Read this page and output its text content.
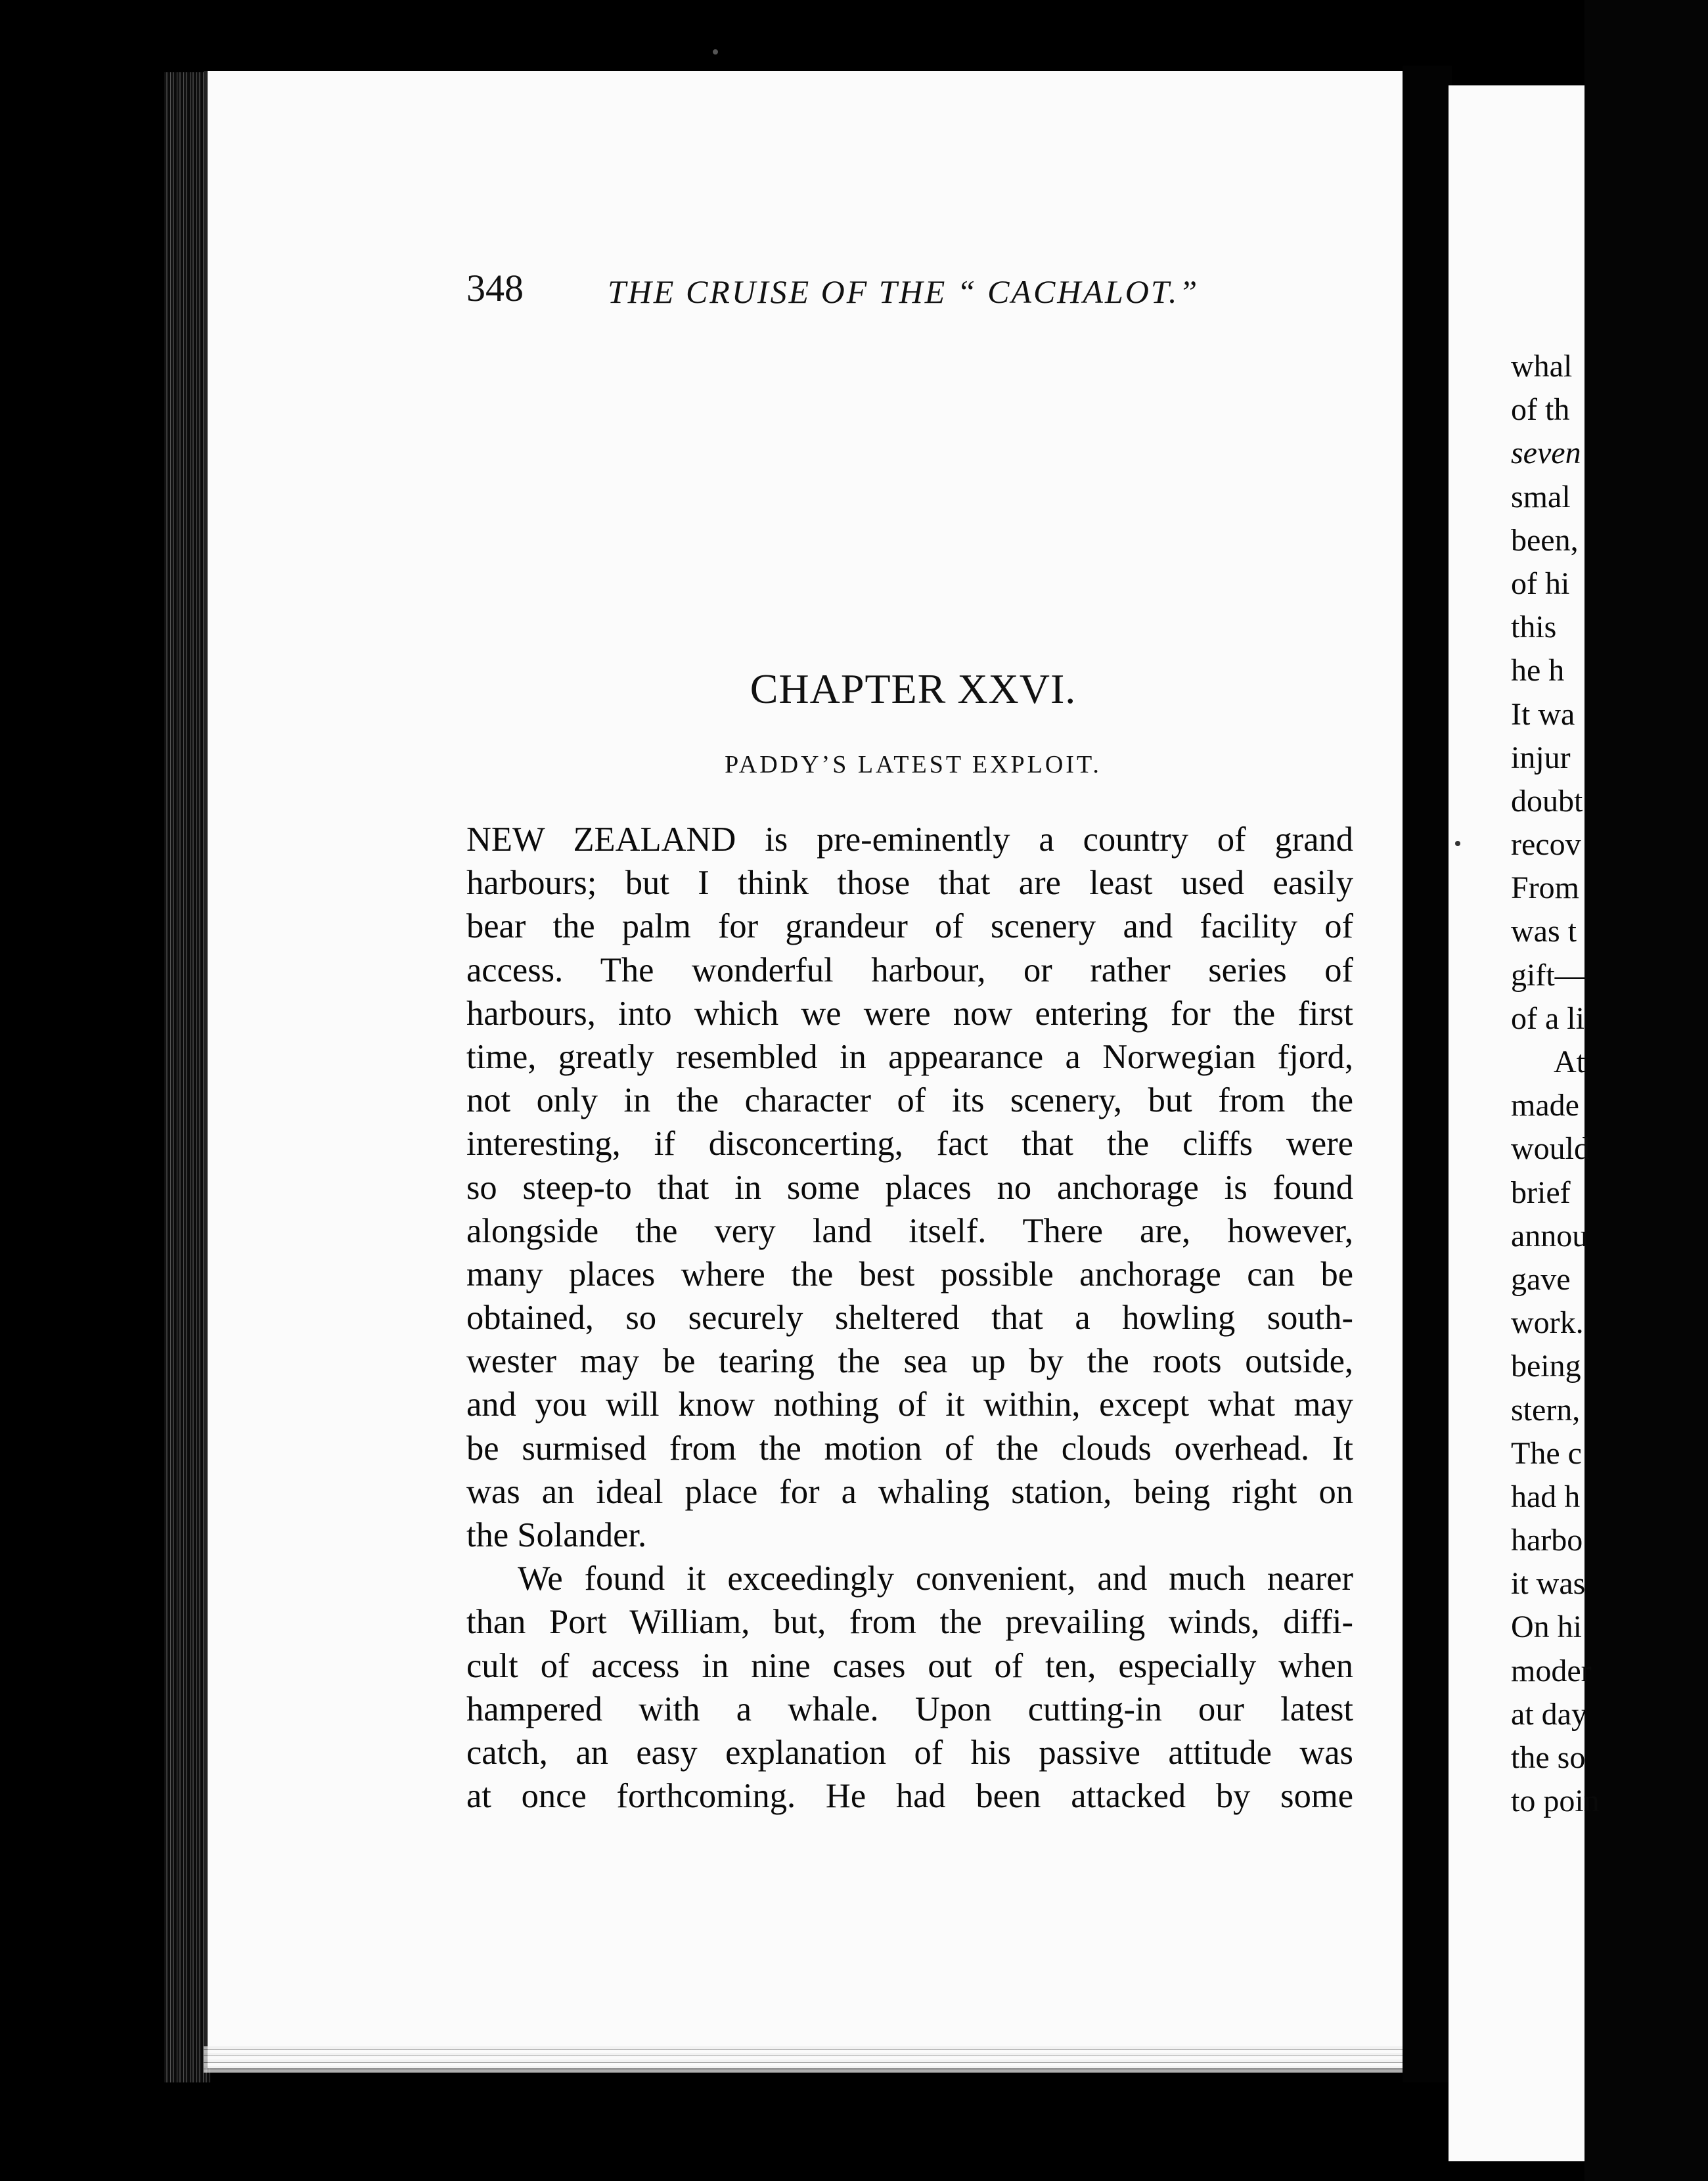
whal
of th
seven
smal
been,
of hi
this
he h
It wa
injur
doubt
recov
From
was t
gift—
of a li
At
made
would
brief
annou
gave
work.
being
stern,
The c
had h
harbo
it was
On hi
moder
at day
the so
to poin
348	THE CRUISE OF THE “ CACHALOT.”
CHAPTER XXVI.
PADDY’S LATEST EXPLOIT.
NEW ZEALAND is pre-eminently a country of grand
harbours; but I think those that are least used easily
bear the palm for grandeur of scenery and facility of
access. The wonderful harbour, or rather series of
harbours, into which we were now entering for the first
time, greatly resembled in appearance a Norwegian fjord,
not only in the character of its scenery, but from the
interesting, if disconcerting, fact that the cliffs were
so steep-to that in some places no anchorage is found
alongside the very land itself. There are, however,
many places where the best possible anchorage can be
obtained, so securely sheltered that a howling south-
wester may be tearing the sea up by the roots outside,
and you will know nothing of it within, except what may
be surmised from the motion of the clouds overhead. It
was an ideal place for a whaling station, being right on
the Solander.
We found it exceedingly convenient, and much nearer
than Port William, but, from the prevailing winds, diffi-
cult of access in nine cases out of ten, especially when
hampered with a whale. Upon cutting-in our latest
catch, an easy explanation of his passive attitude was
at once forthcoming. He had been attacked by some
